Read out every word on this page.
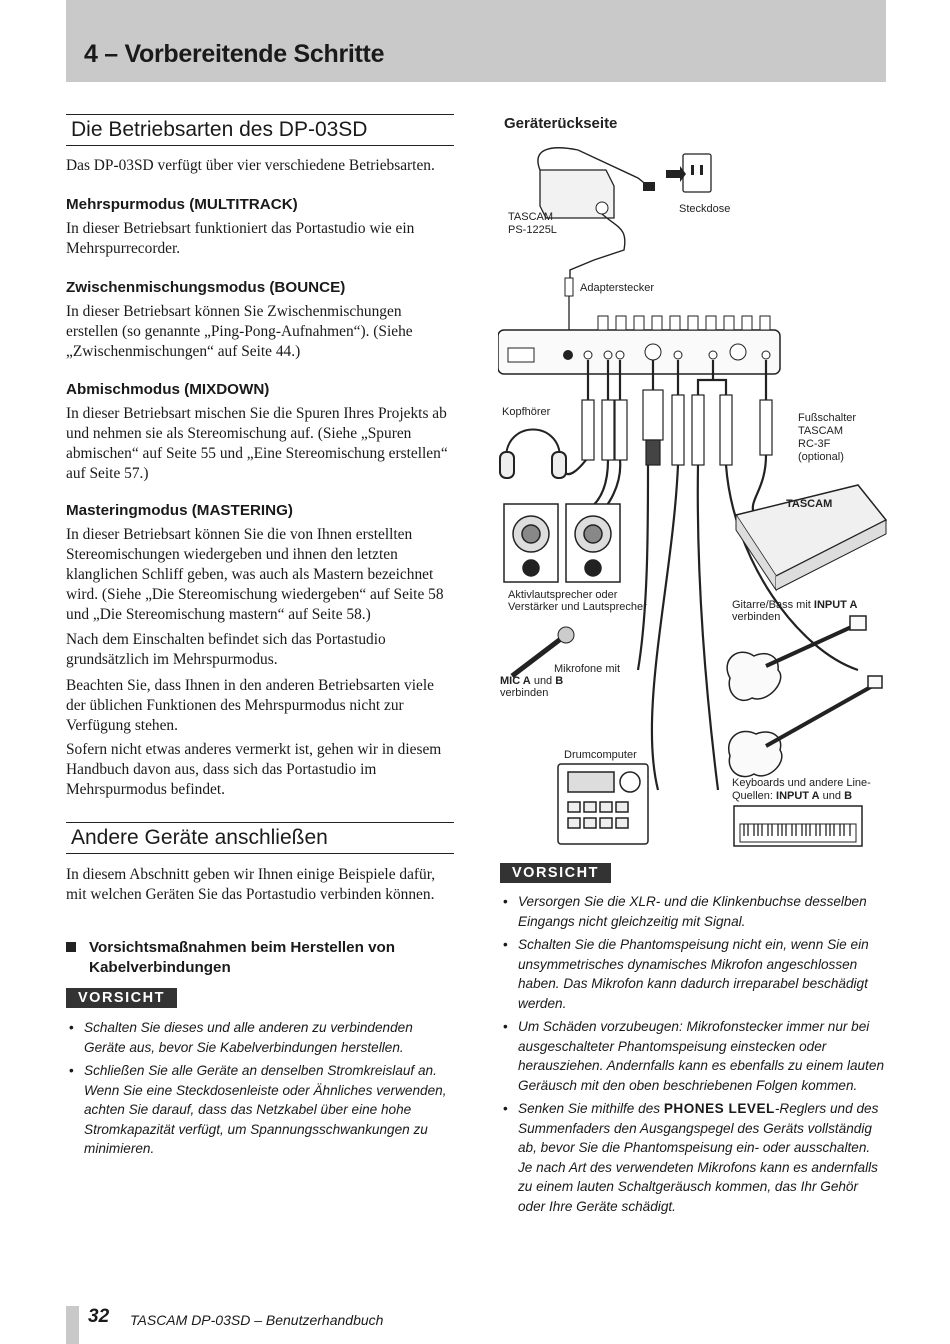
4 – Vorbereitende Schritte
Die Betriebsarten des DP-03SD
Das DP-03SD verfügt über vier verschiedene Betriebsarten.
Mehrspurmodus (MULTITRACK)
In dieser Betriebsart funktioniert das Portastudio wie ein Mehrspurrecorder.
Zwischenmischungsmodus (BOUNCE)
In dieser Betriebsart können Sie Zwischenmischungen erstellen (so genannte „Ping-Pong-Aufnahmen“). (Siehe „Zwischenmischungen“ auf Seite 44.)
Abmischmodus (MIXDOWN)
In dieser Betriebsart mischen Sie die Spuren Ihres Projekts ab und nehmen sie als Stereomischung auf. (Siehe „Spuren abmischen“ auf Seite 55 und „Eine Stereomischung erstellen“ auf Seite 57.)
Masteringmodus (MASTERING)
In dieser Betriebsart können Sie die von Ihnen erstellten Stereomischungen wiedergeben und ihnen den letzten klanglichen Schliff geben, was auch als Mastern bezeichnet wird. (Siehe „Die Stereomischung wiedergeben“ auf Seite 58 und „Die Stereomischung mastern“ auf Seite 58.)
Nach dem Einschalten befindet sich das Portastudio grundsätzlich im Mehrspurmodus.
Beachten Sie, dass Ihnen in den anderen Betriebsarten viele der üblichen Funktionen des Mehrspurmodus nicht zur Verfügung stehen.
Sofern nicht etwas anderes vermerkt ist, gehen wir in diesem Handbuch davon aus, dass sich das Portastudio im Mehrspurmodus befindet.
Andere Geräte anschließen
In diesem Abschnitt geben wir Ihnen einige Beispiele dafür, mit welchen Geräten Sie das Portastudio verbinden können.
Vorsichtsmaßnahmen beim Herstellen von Kabelverbindungen
VORSICHT
• Schalten Sie dieses und alle anderen zu verbindenden Geräte aus, bevor Sie Kabelverbindungen herstellen.
• Schließen Sie alle Geräte an denselben Stromkreislauf an. Wenn Sie eine Steckdosenleiste oder Ähnliches verwenden, achten Sie darauf, dass das Netzkabel über eine hohe Stromkapazität verfügt, um Spannungsschwankungen zu minimieren.
Geräterückseite
Steckdose
TASCAM
PS-1225L
Adapterstecker
Kopfhörer	Fußschalter
TASCAM
RC-3F
(optional)
TASCAM
Aktivlautsprecher oder
Verstärker und Lautsprecher	Gitarre/Bass mit INPUT A
verbinden
Mikrofone mit
MIC A und B
verbinden
Drumcomputer
Keyboards und andere Line-
Quellen: INPUT A und B
VORSICHT
• Versorgen Sie die XLR- und die Klinkenbuchse desselben Eingangs nicht gleichzeitig mit Signal.
• Schalten Sie die Phantomspeisung nicht ein, wenn Sie ein unsymmetrisches dynamisches Mikrofon angeschlossen haben. Das Mikrofon kann dadurch irreparabel beschädigt werden.
• Um Schäden vorzubeugen: Mikrofonstecker immer nur bei ausgeschalteter Phantomspeisung einstecken oder herausziehen. Andernfalls kann es ebenfalls zu einem lauten Geräusch mit den oben beschriebenen Folgen kommen.
• Senken Sie mithilfe des PHONES LEVEL-Reglers und des Summenfaders den Ausgangspegel des Geräts vollständig ab, bevor Sie die Phantomspeisung ein- oder ausschalten. Je nach Art des verwendeten Mikrofons kann es andernfalls zu einem lauten Schaltgeräusch kommen, das Ihr Gehör oder Ihre Geräte schädigt.
32 TASCAM DP-03SD – Benutzerhandbuch
